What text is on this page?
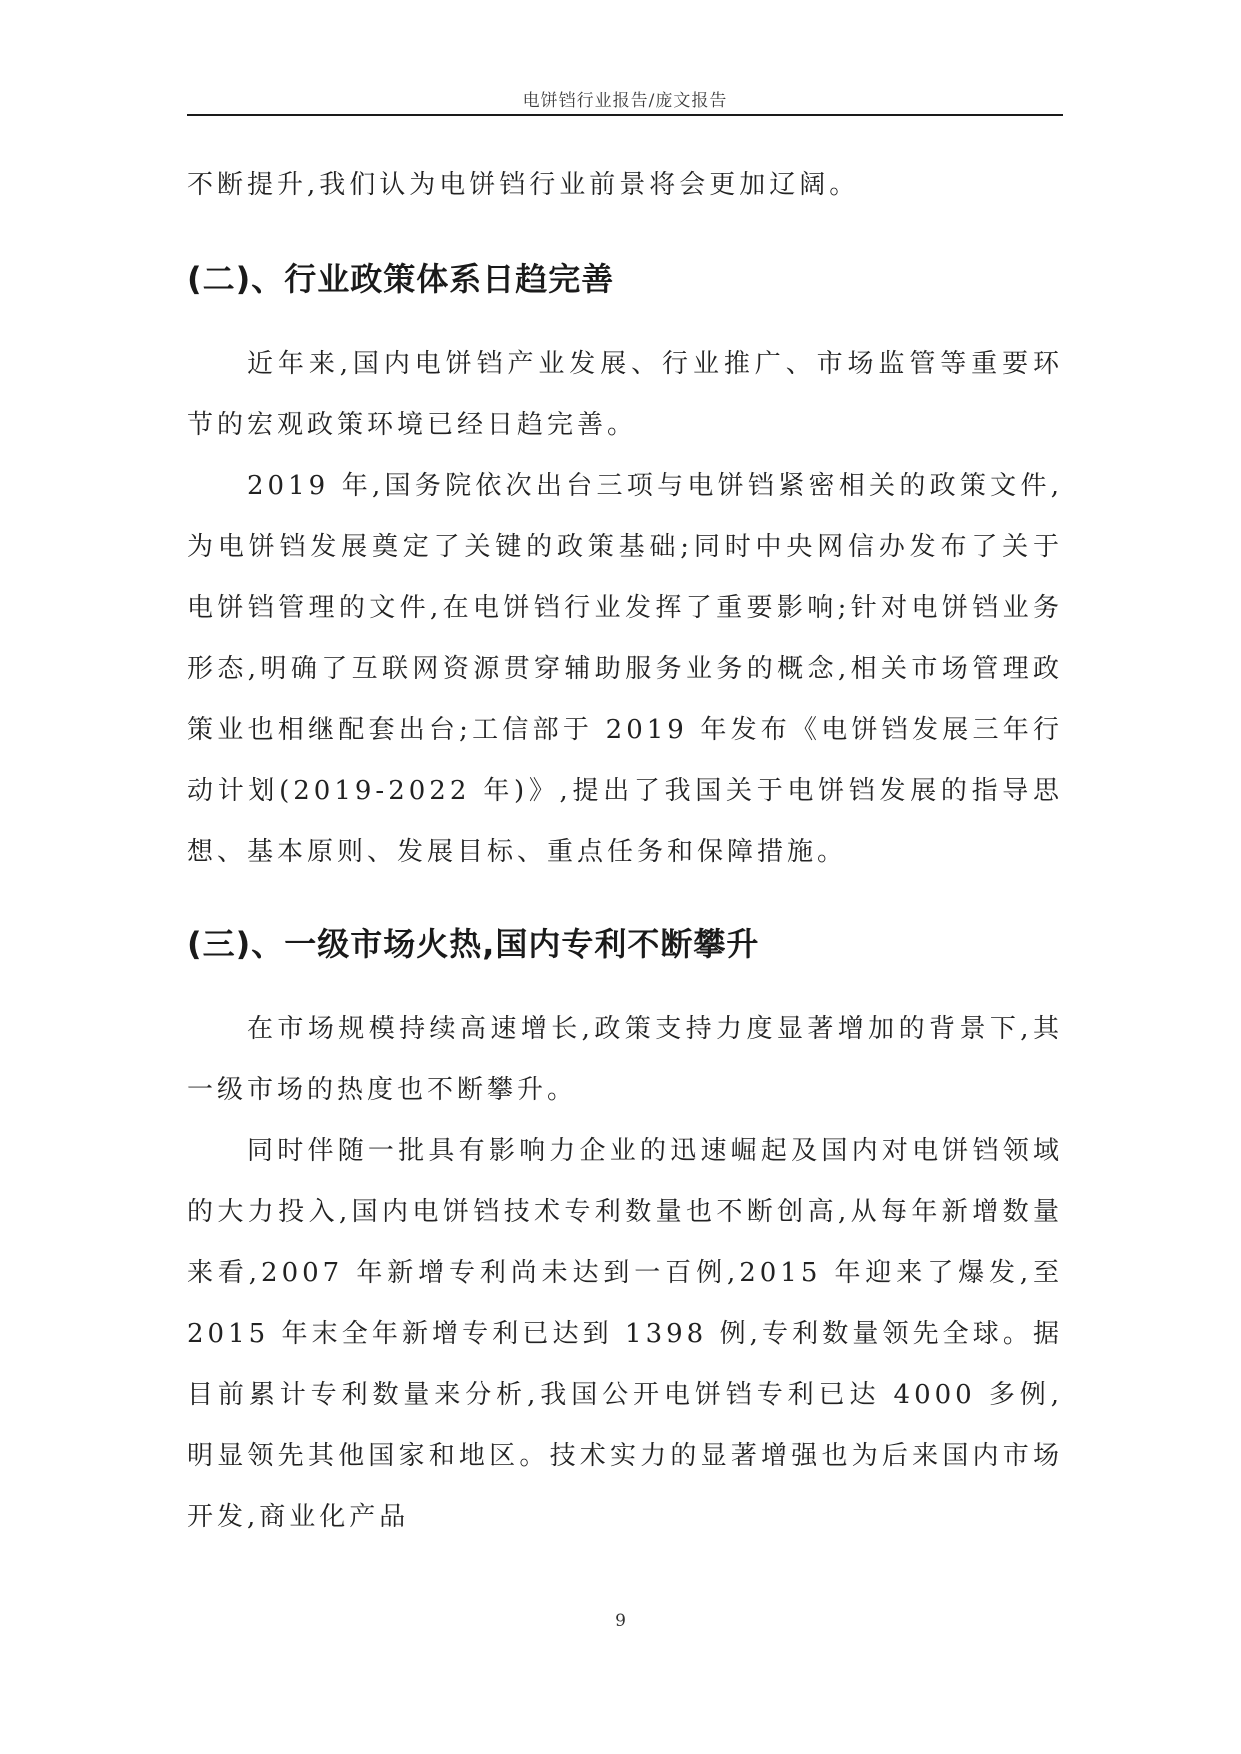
电饼铛行业报告/庞文报告

不断提升,我们认为电饼铛行业前景将会更加辽阔。

(二)、行业政策体系日趋完善

近年来,国内电饼铛产业发展、行业推广、市场监管等重要环节的宏观政策环境已经日趋完善。

2019 年,国务院依次出台三项与电饼铛紧密相关的政策文件,为电饼铛发展奠定了关键的政策基础;同时中央网信办发布了关于电饼铛管理的文件,在电饼铛行业发挥了重要影响;针对电饼铛业务形态,明确了互联网资源贯穿辅助服务业务的概念,相关市场管理政策业也相继配套出台;工信部于 2019 年发布《电饼铛发展三年行动计划(2019-2022 年)》,提出了我国关于电饼铛发展的指导思想、基本原则、发展目标、重点任务和保障措施。

(三)、一级市场火热,国内专利不断攀升

在市场规模持续高速增长,政策支持力度显著增加的背景下,其一级市场的热度也不断攀升。

同时伴随一批具有影响力企业的迅速崛起及国内对电饼铛领域的大力投入,国内电饼铛技术专利数量也不断创高,从每年新增数量来看,2007 年新增专利尚未达到一百例,2015 年迎来了爆发,至 2015 年末全年新增专利已达到 1398 例,专利数量领先全球。据目前累计专利数量来分析,我国公开电饼铛专利已达 4000 多例,明显领先其他国家和地区。技术实力的显著增强也为后来国内市场开发,商业化产品

9
